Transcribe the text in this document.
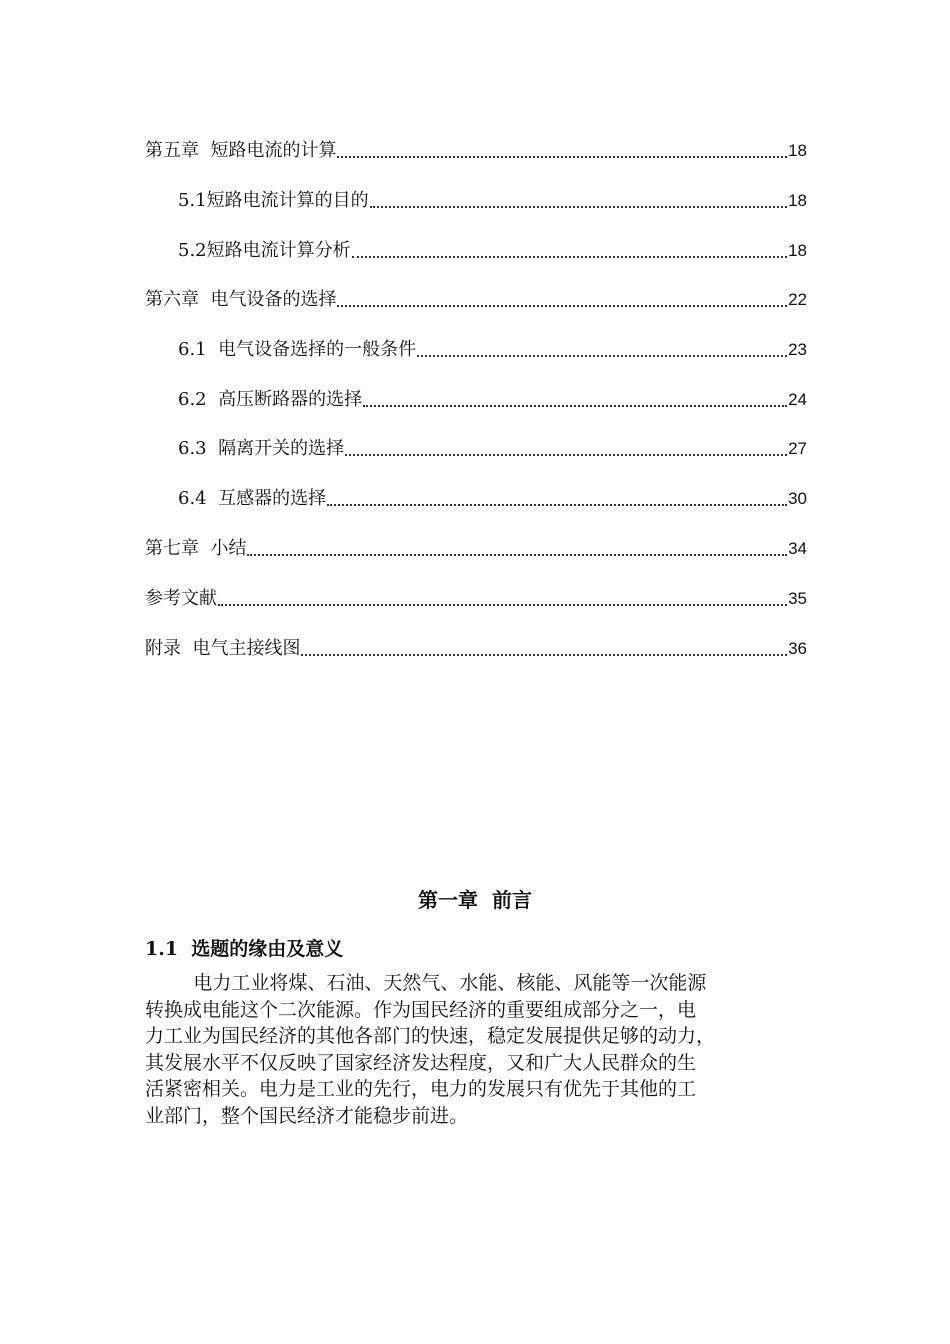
第五章  短路电流的计算	18
5.1短路电流计算的目的	18
5.2短路电流计算分析	18
第六章  电气设备的选择	22
6.1  电气设备选择的一般条件	23
6.2  高压断路器的选择	24
6.3  隔离开关的选择	27
6.4  互感器的选择	30
第七章  小结	34
参考文献	35
附录  电气主接线图	36
第一章  前言
1.1  选题的缘由及意义
电力工业将煤、石油、天然气、水能、核能、风能等一次能源
转换成电能这个二次能源。作为国民经济的重要组成部分之一，电
力工业为国民经济的其他各部门的快速，稳定发展提供足够的动力，
其发展水平不仅反映了国家经济发达程度，又和广大人民群众的生
活紧密相关。电力是工业的先行，电力的发展只有优先于其他的工
业部门，整个国民经济才能稳步前进。
